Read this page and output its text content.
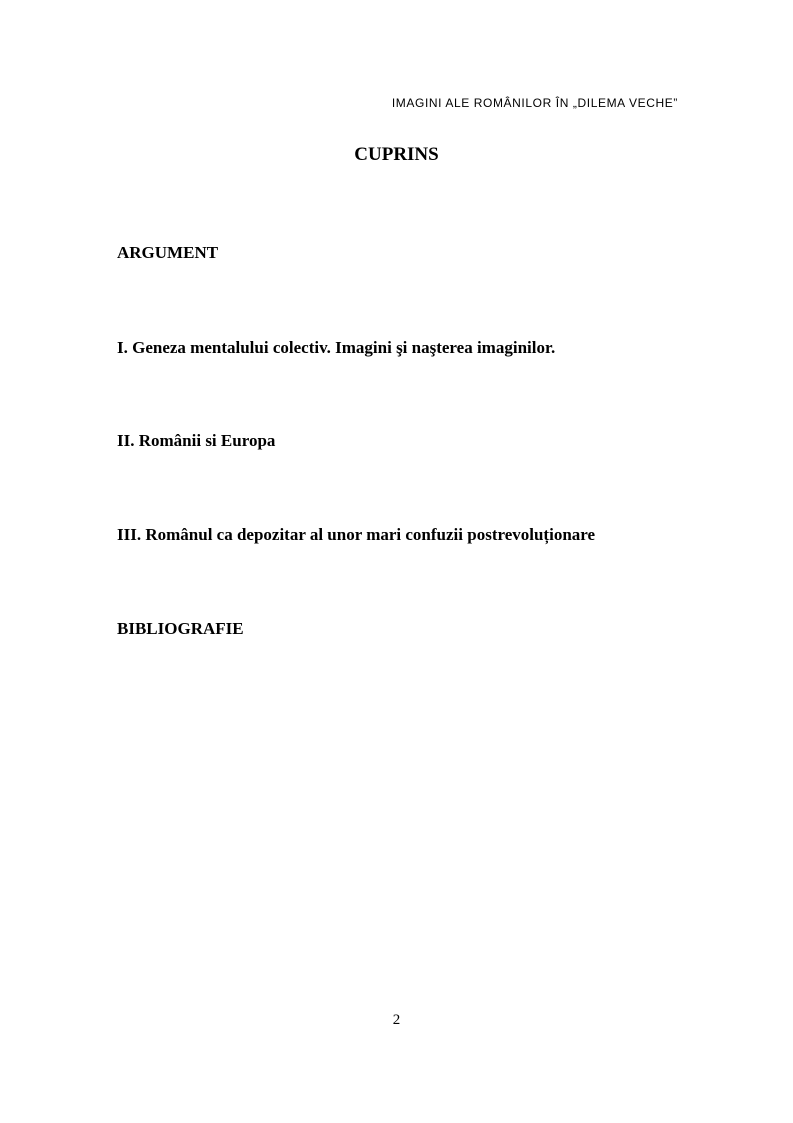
IMAGINI ALE ROMÂNILOR ÎN „DILEMA VECHE”
CUPRINS
ARGUMENT
I. Geneza mentalului colectiv. Imagini şi naşterea imaginilor.
II. Românii si Europa
III. Românul ca depozitar al unor mari confuzii postrevoluționare
BIBLIOGRAFIE
2
